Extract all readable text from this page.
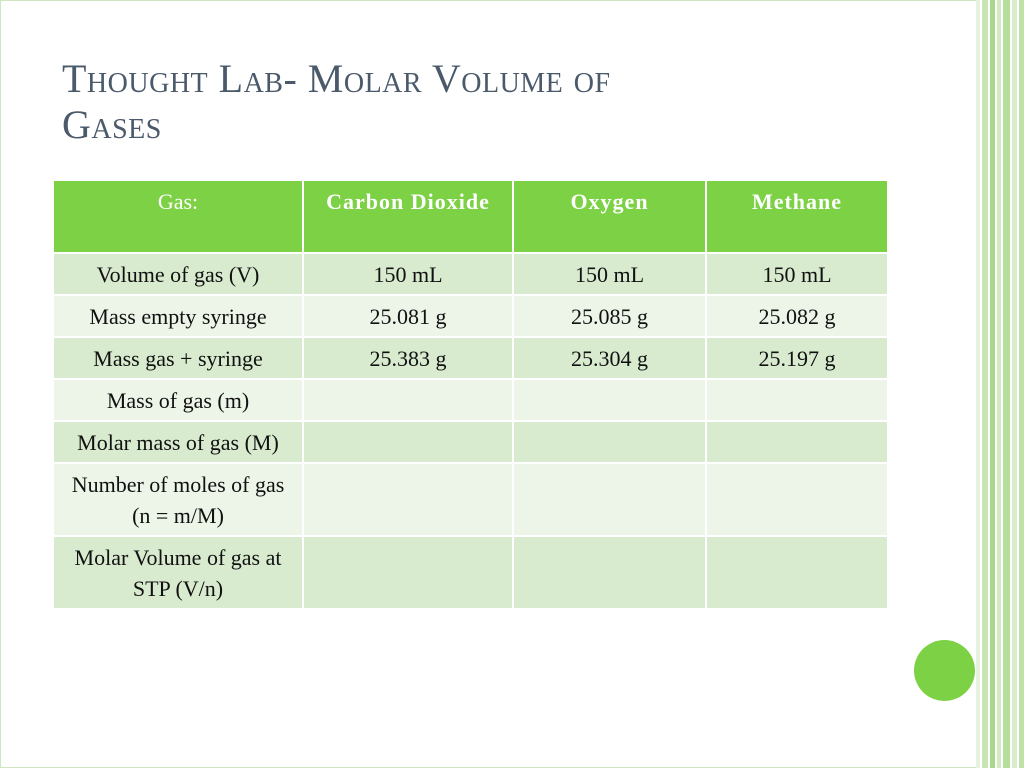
Thought Lab- Molar Volume of
Gases
Gas:	Carbon Dioxide	Oxygen	Methane
Volume of gas (V)	150 mL	150 mL	150 mL
Mass empty syringe	25.081 g	25.085 g	25.082 g
Mass gas + syringe	25.383 g	25.304 g	25.197 g
Mass of gas (m)			
Molar mass of gas (M)			
Number of moles of gas (n = m/M)			
Molar Volume of gas at STP (V/n)			
